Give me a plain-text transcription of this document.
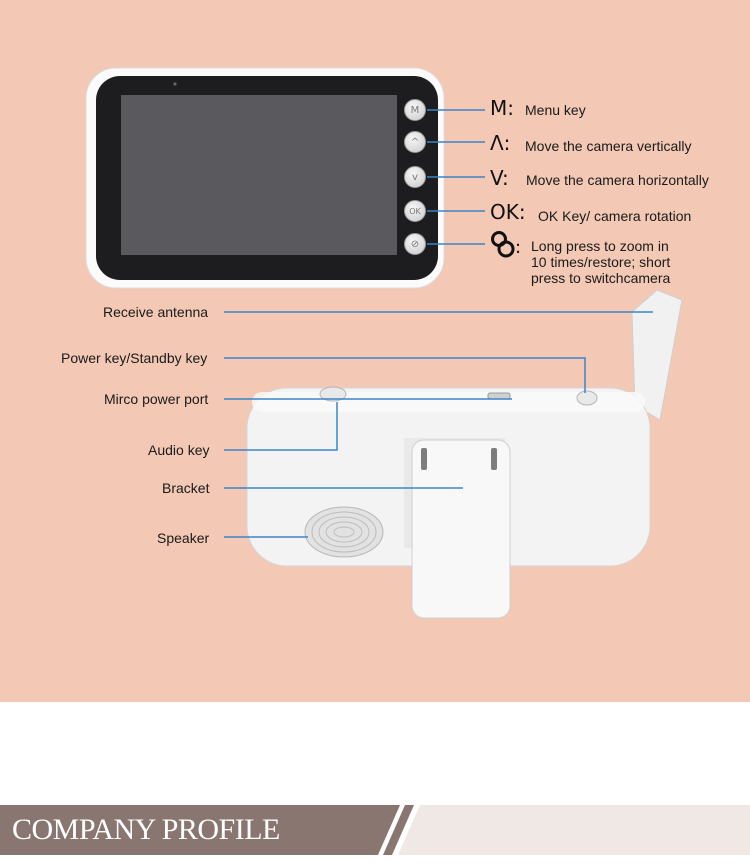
M
^
v
OK
⊘
M: Menu key
Λ: Move the camera vertically
V: Move the camera horizontally
OK: OK Key/ camera rotation
: Long press to zoom in
10 times/restore; short
press to switchcamera
Receive antenna
Power key/Standby key
Mirco power port
Audio key
Bracket
Speaker
COMPANY PROFILE
